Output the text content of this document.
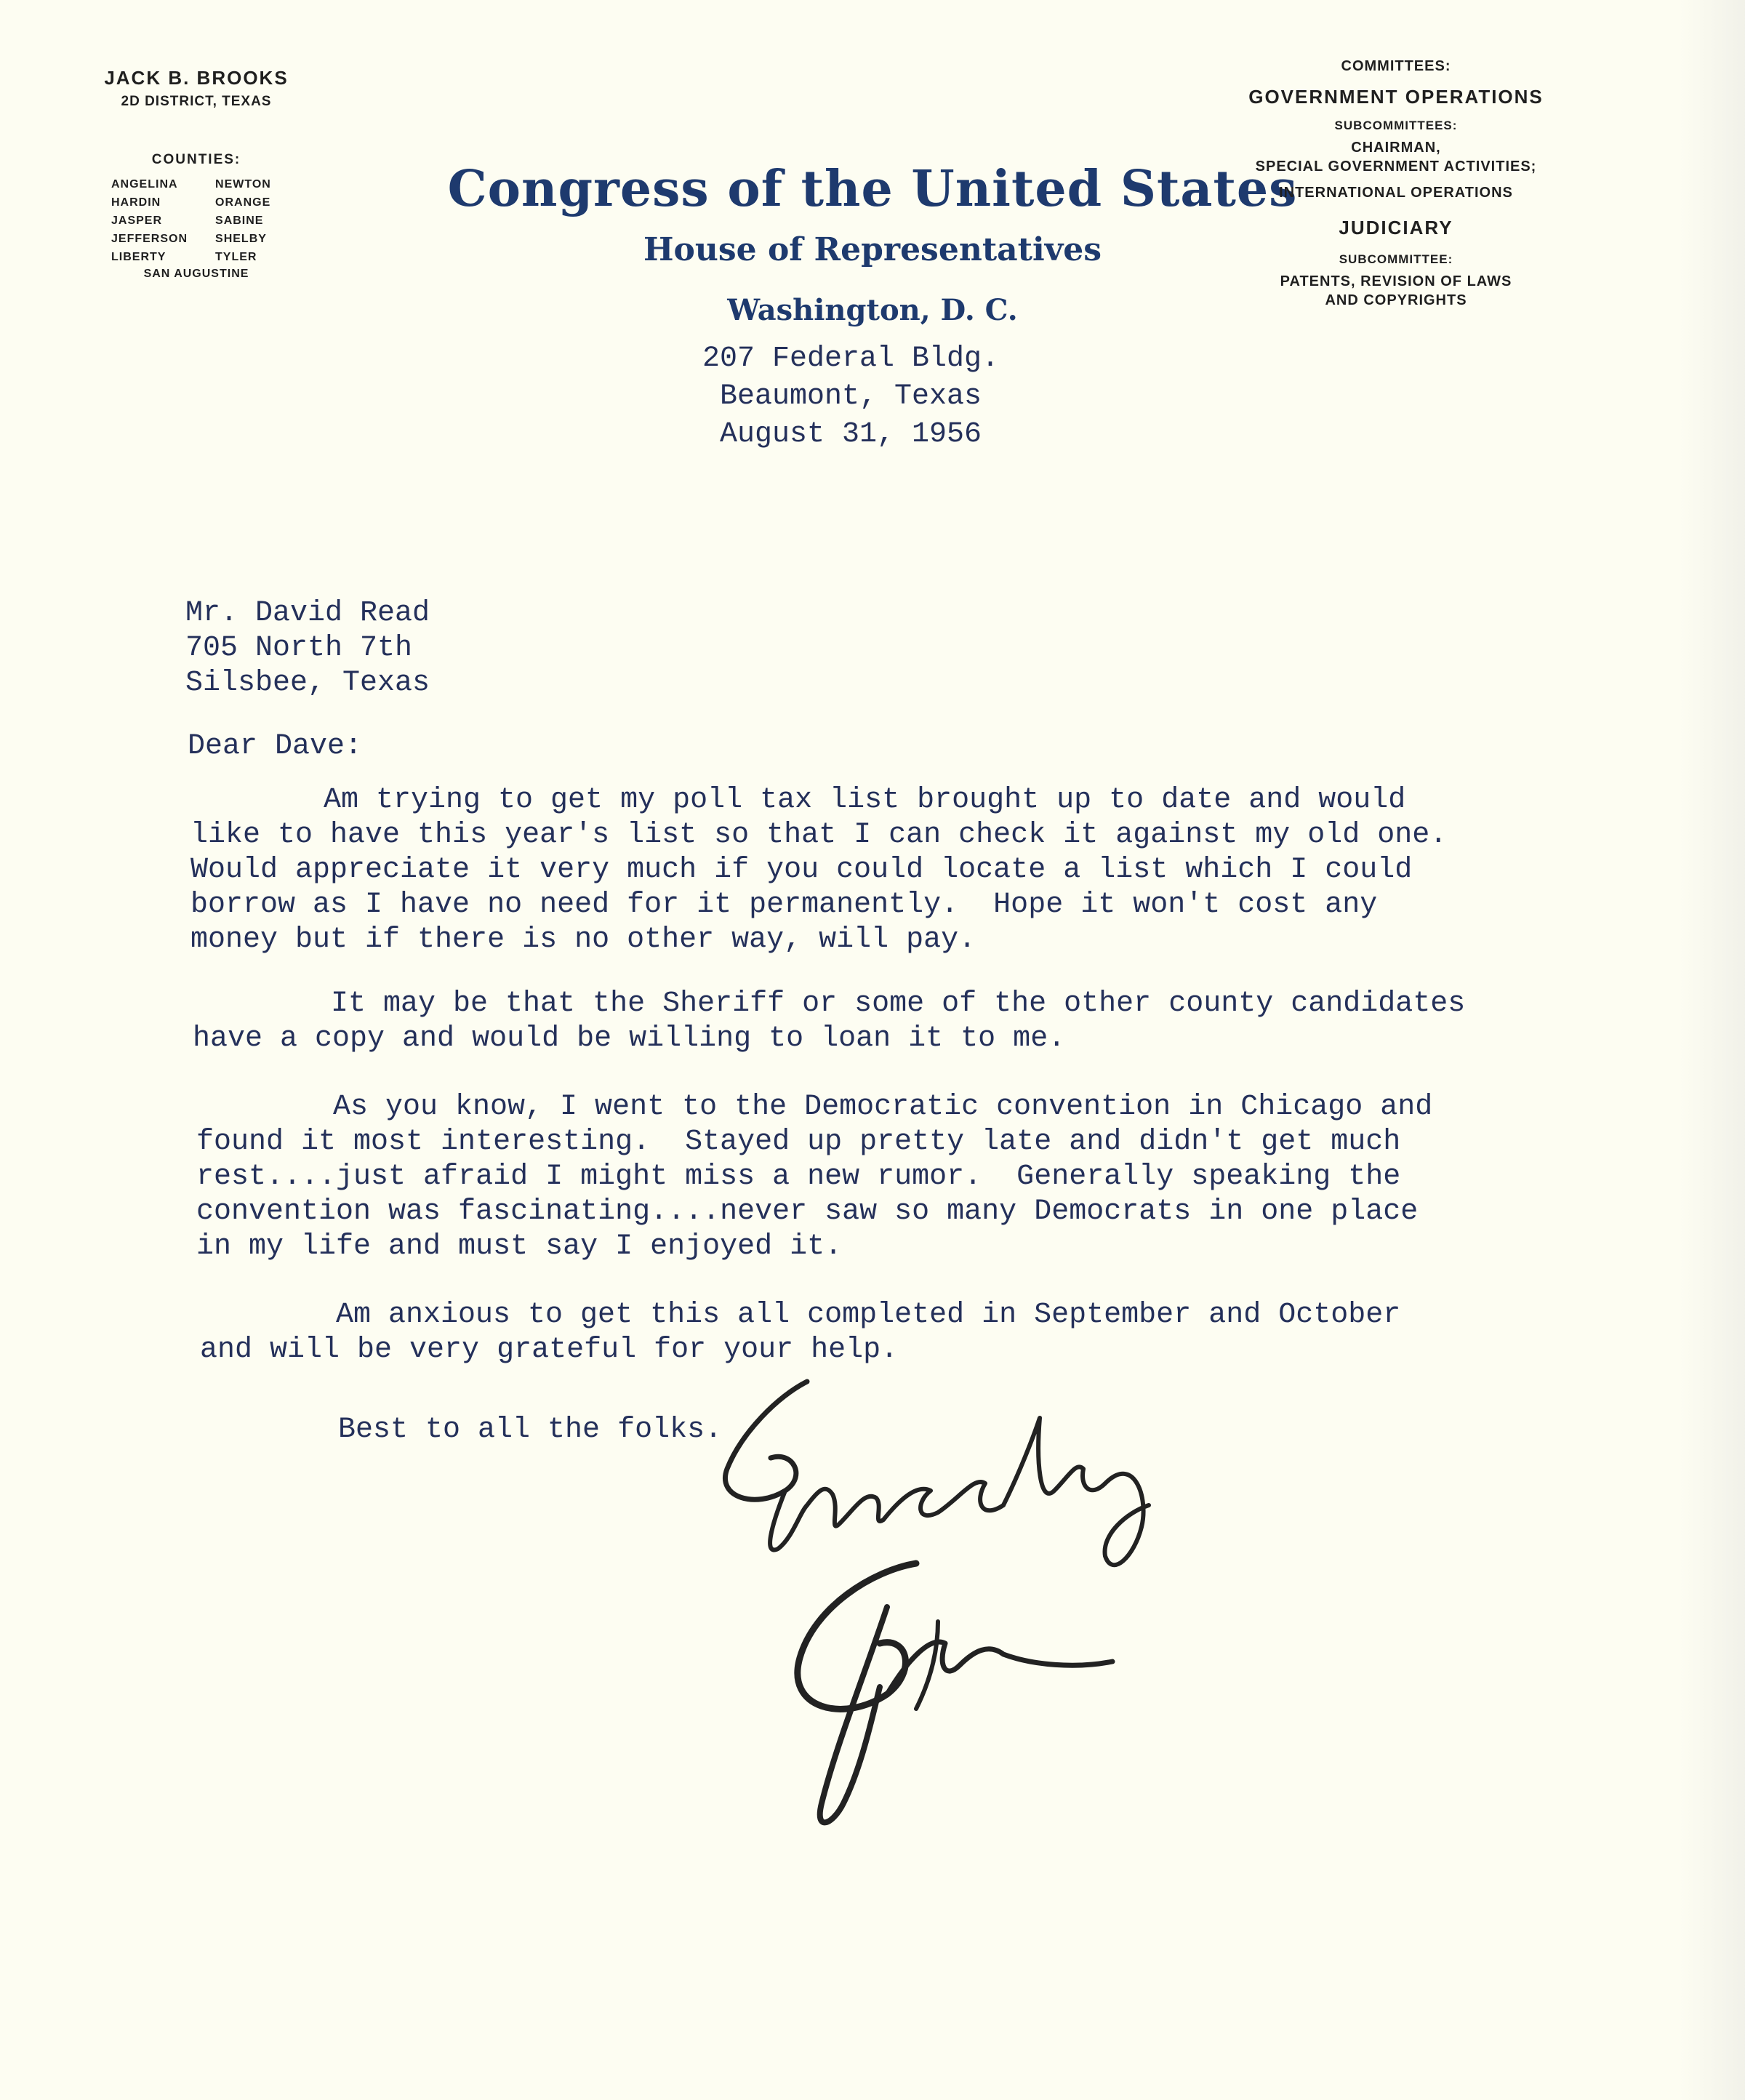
JACK B. BROOKS

2D DISTRICT, TEXAS

COUNTIES:

ANGELINA
HARDIN
JASPER
JEFFERSON
LIBERTY
NEWTON
ORANGE
SABINE
SHELBY
TYLER
SAN AUGUSTINE

Congress of the United States

House of Representatives

Washington, D. C.

207 Federal Bldg.
Beaumont, Texas
August 31, 1956
COMMITTEES:
GOVERNMENT OPERATIONS
SUBCOMMITTEES:
CHAIRMAN,
SPECIAL GOVERNMENT ACTIVITIES;
INTERNATIONAL OPERATIONS
JUDICIARY
SUBCOMMITTEE:
PATENTS, REVISION OF LAWS
AND COPYRIGHTS
Mr. David Read
705 North 7th
Silsbee, Texas
Dear Dave:
Am trying to get my poll tax list brought up to date and would
like to have this year's list so that I can check it against my old one.
Would appreciate it very much if you could locate a list which I could
borrow as I have no need for it permanently.  Hope it won't cost any
money but if there is no other way, will pay.
It may be that the Sheriff or some of the other county candidates
have a copy and would be willing to loan it to me.
As you know, I went to the Democratic convention in Chicago and
found it most interesting.  Stayed up pretty late and didn't get much
rest....just afraid I might miss a new rumor.  Generally speaking the
convention was fascinating....never saw so many Democrats in one place
in my life and must say I enjoyed it.
Am anxious to get this all completed in September and October
and will be very grateful for your help.
Best to all the folks.
